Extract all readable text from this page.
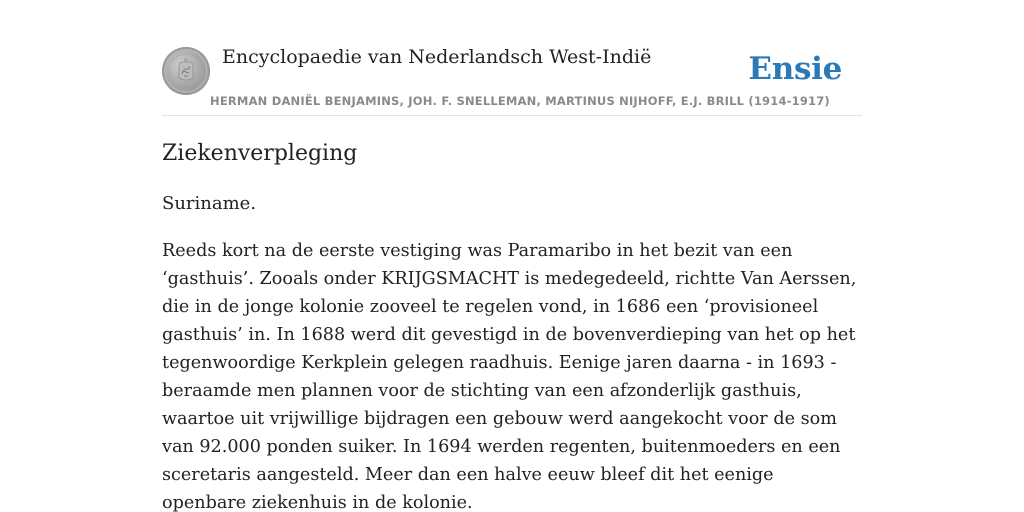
Encyclopaedie van Nederlandsch West-Indië	Ensie
HERMAN DANIËL BENJAMINS, JOH. F. SNELLEMAN, MARTINUS NIJHOFF, E.J. BRILL (1914-1917)
Ziekenverpleging

Suriname.

Reeds kort na de eerste vestiging was Paramaribo in het bezit van een ‘gasthuis’. Zooals onder KRIJGSMACHT is medegedeeld, richtte Van Aerssen, die in de jonge kolonie zooveel te regelen vond, in 1686 een ‘provisioneel gasthuis’ in. In 1688 werd dit gevestigd in de bovenverdieping van het op het tegenwoordige Kerkplein gelegen raadhuis. Eenige jaren daarna - in 1693 - beraamde men plannen voor de stichting van een afzonderlijk gasthuis, waartoe uit vrijwillige bijdragen een gebouw werd aangekocht voor de som van 92.000 ponden suiker. In 1694 werden regenten, buitenmoeders en een sceretaris aangesteld. Meer dan een halve eeuw bleef dit het eenige openbare ziekenhuis in de kolonie.
